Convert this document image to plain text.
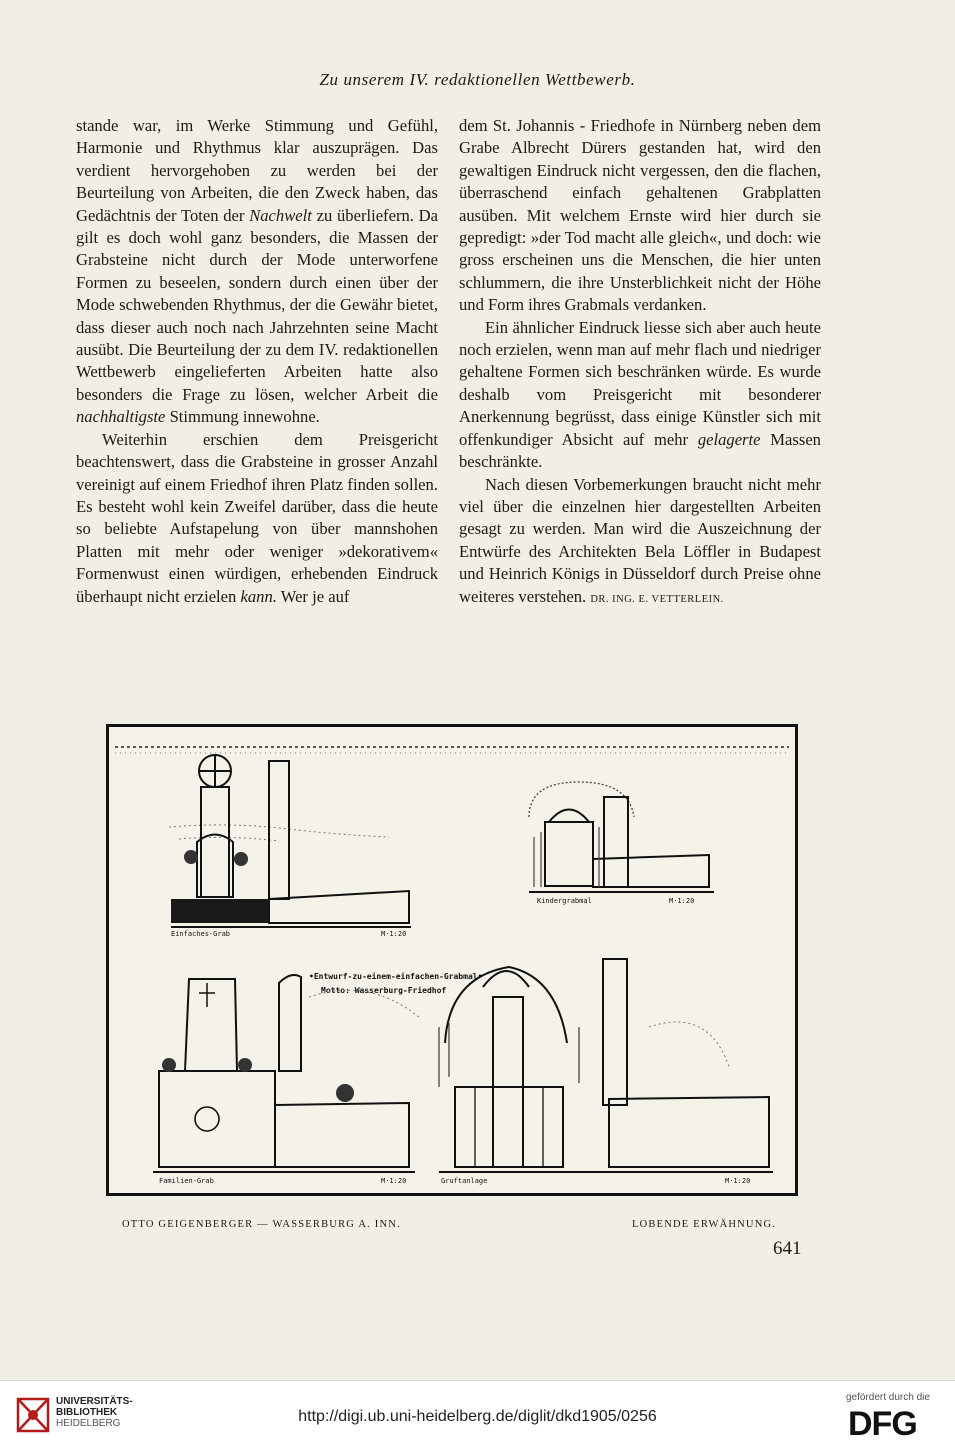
Zu unserem IV. redaktionellen Wettbewerb.

stande war, im Werke Stimmung und Gefühl, Harmonie und Rhythmus klar auszuprägen. Das verdient hervorgehoben zu werden bei der Beurteilung von Arbeiten, die den Zweck haben, das Gedächtnis der Toten der Nachwelt zu überliefern. Da gilt es doch wohl ganz besonders, die Massen der Grabsteine nicht durch der Mode unterworfene Formen zu beseelen, sondern durch einen über der Mode schwebenden Rhythmus, der die Gewähr bietet, dass dieser auch noch nach Jahrzehnten seine Macht ausübt. Die Beurteilung der zu dem IV. redaktionellen Wettbewerb eingelieferten Arbeiten hatte also besonders die Frage zu lösen, welcher Arbeit die nachhaltigste Stimmung innewohne.

Weiterhin erschien dem Preisgericht beachtenswert, dass die Grabsteine in grosser Anzahl vereinigt auf einem Friedhof ihren Platz finden sollen. Es besteht wohl kein Zweifel darüber, dass die heute so beliebte Aufstapelung von über mannshohen Platten mit mehr oder weniger »dekorativem« Formenwust einen würdigen, erhebenden Eindruck überhaupt nicht erzielen kann. Wer je auf

dem St. Johannis - Friedhofe in Nürnberg neben dem Grabe Albrecht Dürers gestanden hat, wird den gewaltigen Eindruck nicht vergessen, den die flachen, überraschend einfach gehaltenen Grabplatten ausüben. Mit welchem Ernste wird hier durch sie gepredigt: »der Tod macht alle gleich«, und doch: wie gross erscheinen uns die Menschen, die hier unten schlummern, die ihre Unsterblichkeit nicht der Höhe und Form ihres Grabmals verdanken.

Ein ähnlicher Eindruck liesse sich aber auch heute noch erzielen, wenn man auf mehr flach und niedriger gehaltene Formen sich beschränken würde. Es wurde deshalb vom Preisgericht mit besonderer Anerkennung begrüsst, dass einige Künstler sich mit offenkundiger Absicht auf mehr gelagerte Massen beschränkte.

Nach diesen Vorbemerkungen braucht nicht mehr viel über die einzelnen hier dargestellten Arbeiten gesagt zu werden. Man wird die Auszeichnung der Entwürfe des Architekten Bela Löffler in Budapest und Heinrich Königs in Düsseldorf durch Preise ohne weiteres verstehen. DR. ING. E. VETTERLEIN.

Einfaches-Grab	M·1:20
Kindergrabmal	M·1:20
•Entwurf-zu-einem-einfachen-Grabmal•
Motto: Wasserburg-Friedhof
Familien-Grab	M·1:20	Gruftanlage	M·1:20
OTTO GEIGENBERGER — WASSERBURG A. INN.	LOBENDE ERWÄHNUNG.
641
UNIVERSITÄTS-
BIBLIOTHEK
HEIDELBERG	http://digi.ub.uni-heidelberg.de/diglit/dkd1905/0256
gefördert durch die
DFG
